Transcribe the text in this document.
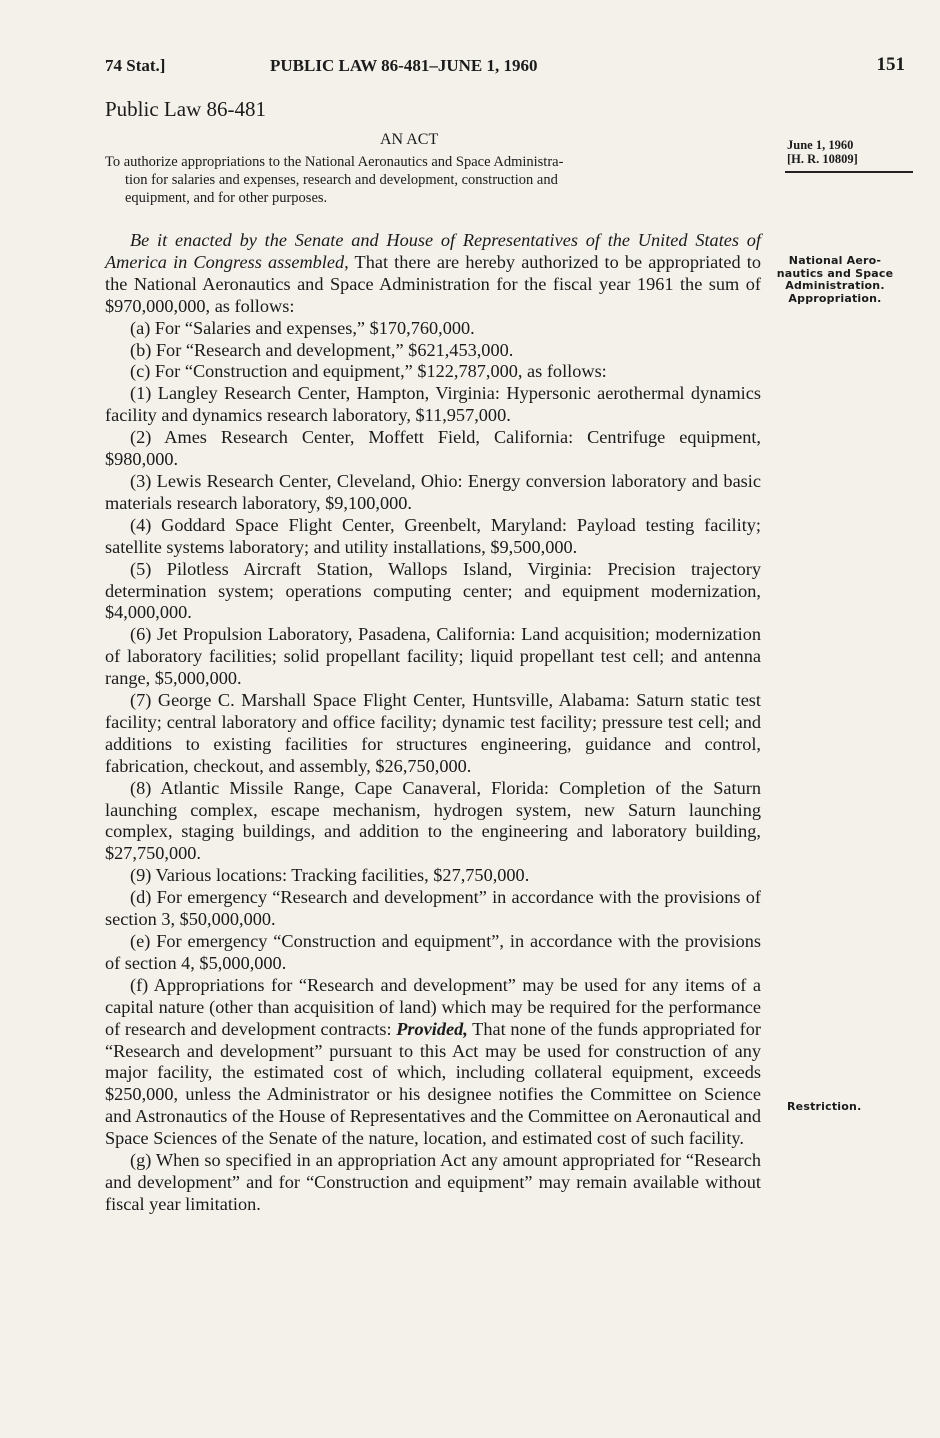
74 Stat.]	PUBLIC LAW 86-481–JUNE 1, 1960	151
Public Law 86-481
AN ACT
To authorize appropriations to the National Aeronautics and Space Administra-
tion for salaries and expenses, research and development, construction and
equipment, and for other purposes.
June 1, 1960
[H. R. 10809]
National Aero-
nautics and Space
Administration.
Appropriation.
Restriction.

Be it enacted by the Senate and House of Representatives of the United States of America in Congress assembled, That there are hereby authorized to be appropriated to the National Aeronautics and Space Administration for the fiscal year 1961 the sum of $970,000,000, as follows:

(a) For “Salaries and expenses,” $170,760,000.

(b) For “Research and development,” $621,453,000.

(c) For “Construction and equipment,” $122,787,000, as follows:

(1) Langley Research Center, Hampton, Virginia: Hypersonic aerothermal dynamics facility and dynamics research laboratory, $11,957,000.

(2) Ames Research Center, Moffett Field, California: Centrifuge equipment, $980,000.

(3) Lewis Research Center, Cleveland, Ohio: Energy conversion laboratory and basic materials research laboratory, $9,100,000.

(4) Goddard Space Flight Center, Greenbelt, Maryland: Payload testing facility; satellite systems laboratory; and utility installations, $9,500,000.

(5) Pilotless Aircraft Station, Wallops Island, Virginia: Precision trajectory determination system; operations computing center; and equipment modernization, $4,000,000.

(6) Jet Propulsion Laboratory, Pasadena, California: Land acquisition; modernization of laboratory facilities; solid propellant facility; liquid propellant test cell; and antenna range, $5,000,000.

(7) George C. Marshall Space Flight Center, Huntsville, Alabama: Saturn static test facility; central laboratory and office facility; dynamic test facility; pressure test cell; and additions to existing facilities for structures engineering, guidance and control, fabrication, checkout, and assembly, $26,750,000.

(8) Atlantic Missile Range, Cape Canaveral, Florida: Completion of the Saturn launching complex, escape mechanism, hydrogen system, new Saturn launching complex, staging buildings, and addition to the engineering and laboratory building, $27,750,000.

(9) Various locations: Tracking facilities, $27,750,000.

(d) For emergency “Research and development” in accordance with the provisions of section 3, $50,000,000.

(e) For emergency “Construction and equipment”, in accordance with the provisions of section 4, $5,000,000.

(f) Appropriations for “Research and development” may be used for any items of a capital nature (other than acquisition of land) which may be required for the performance of research and development contracts: Provided, That none of the funds appropriated for “Research and development” pursuant to this Act may be used for construction of any major facility, the estimated cost of which, including collateral equipment, exceeds $250,000, unless the Administrator or his designee notifies the Committee on Science and Astronautics of the House of Representatives and the Committee on Aeronautical and Space Sciences of the Senate of the nature, location, and estimated cost of such facility.

(g) When so specified in an appropriation Act any amount appropriated for “Research and development” and for “Construction and equipment” may remain available without fiscal year limitation.
